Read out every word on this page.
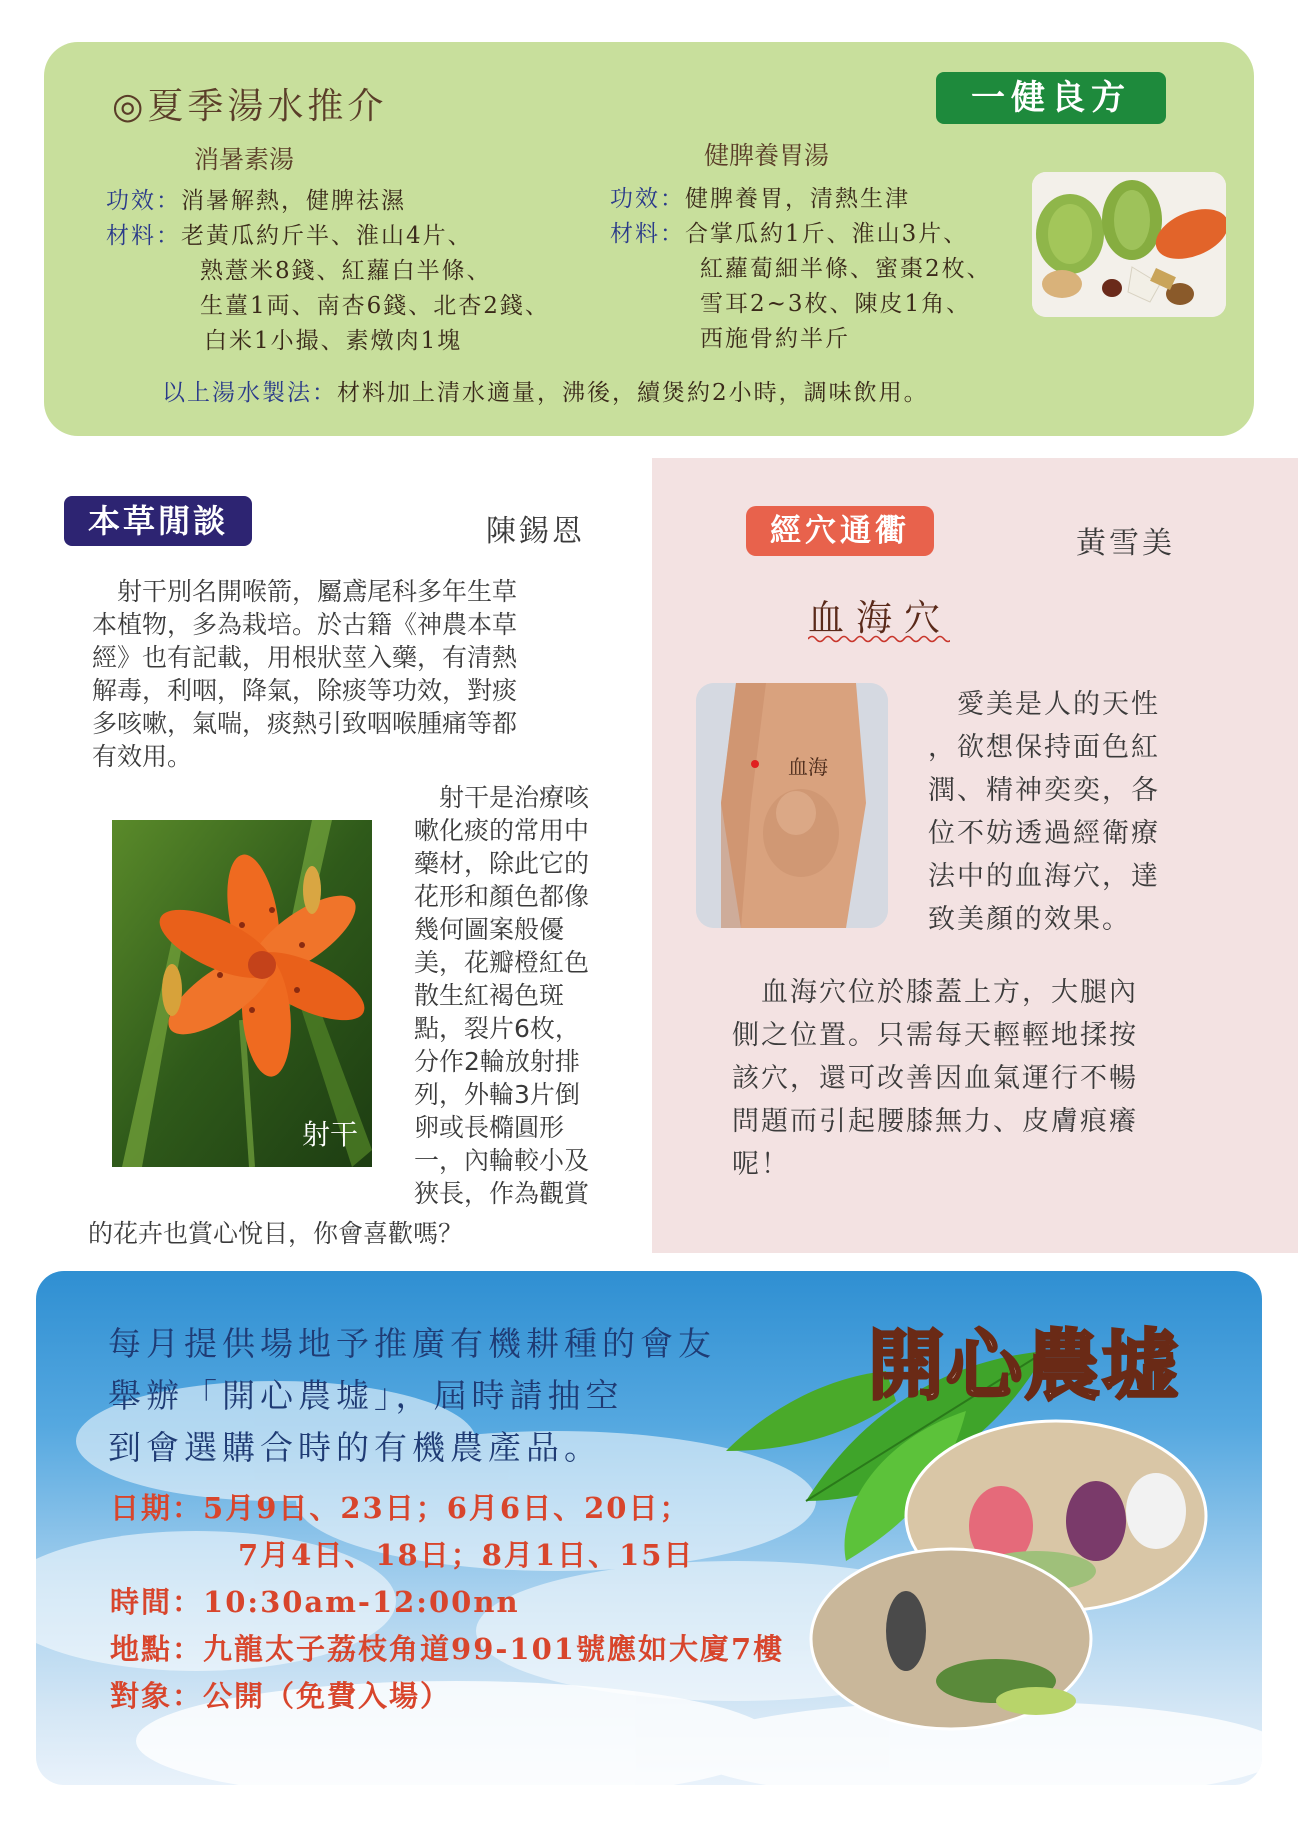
◎夏季湯水推介	一健良方
消暑素湯
功效：消暑解熱，健脾祛濕
材料：老黃瓜約斤半、淮山4片、
熟薏米8錢、紅蘿白半條、
生薑1両、南杏6錢、北杏2錢、
白米1小撮、素燉肉1塊
健脾養胃湯
功效：健脾養胃，清熱生津
材料：合掌瓜約1斤、淮山3片、
紅蘿蔔細半條、蜜棗2枚、
雪耳2~3枚、陳皮1角、
西施骨約半斤
以上湯水製法：材料加上清水適量，沸後，續煲約2小時，調味飲用。
本草閒談	陳錫恩
　射干別名開喉箭，屬鳶尾科多年生草
本植物，多為栽培。於古籍《神農本草
經》也有記載，用根狀莖入藥，有清熱
解毒，利咽，降氣，除痰等功效，對痰
多咳嗽，氣喘，痰熱引致咽喉腫痛等都
有效用。
　射干是治療咳
嗽化痰的常用中
藥材，除此它的
花形和顏色都像
幾何圖案般優
美，花瓣橙紅色
散生紅褐色斑
點，裂片6枚，
分作2輪放射排
列，外輪3片倒
卵或長橢圓形
一，內輪較小及
狹長，作為觀賞
的花卉也賞心悅目，你會喜歡嗎？
射干
經穴通衢	黃雪美
血海穴
血海
　愛美是人的天性
，欲想保持面色紅
潤、精神奕奕，各
位不妨透過經衛療
法中的血海穴，達
致美顏的效果。
　血海穴位於膝蓋上方，大腿內
側之位置。只需每天輕輕地揉按
該穴，還可改善因血氣運行不暢
問題而引起腰膝無力、皮膚痕癢
呢！
開心農墟
每月提供場地予推廣有機耕種的會友
舉辦「開心農墟」，屆時請抽空
到會選購合時的有機農產品。
日期：5月9日、23日；6月6日、20日；
7月4日、18日；8月1日、15日
時間：10:30am-12:00nn
地點：九龍太子荔枝角道99-101號應如大廈7樓
對象：公開（免費入場）
